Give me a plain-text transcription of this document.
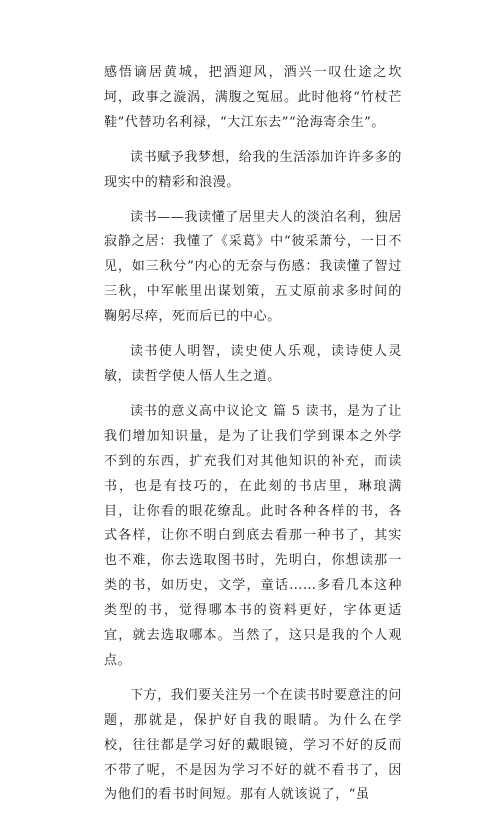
感悟谪居黄城，把酒迎风，酒兴一叹仕途之坎坷，政事之漩涡，满腹之冤屈。此时他将“竹杖芒鞋”代替功名利禄，“大江东去”“沧海寄余生”。

读书赋予我梦想，给我的生活添加许许多多的现实中的精彩和浪漫。

读书——我读懂了居里夫人的淡泊名利，独居寂静之居：我懂了《采葛》中“彼采萧兮，一日不见，如三秋兮”内心的无奈与伤感：我读懂了智过三秋，中军帐里出谋划策，五丈原前求多时间的鞠躬尽瘁，死而后已的中心。

读书使人明智，读史使人乐观，读诗使人灵敏，读哲学使人悟人生之道。

读书的意义高中议论文 篇 5 读书，是为了让我们增加知识量，是为了让我们学到课本之外学不到的东西，扩充我们对其他知识的补充，而读书，也是有技巧的，在此刻的书店里，琳琅满目，让你看的眼花缭乱。此时各种各样的书，各式各样，让你不明白到底去看那一种书了，其实也不难，你去选取图书时，先明白，你想读那一类的书，如历史，文学，童话……多看几本这种类型的书，觉得哪本书的资料更好，字体更适宜，就去选取哪本。当然了，这只是我的个人观点。

下方，我们要关注另一个在读书时要意注的问题，那就是，保护好自我的眼睛。为什么在学校，往往都是学习好的戴眼镜，学习不好的反而不带了呢，不是因为学习不好的就不看书了，因为他们的看书时间短。那有人就该说了，“虽
